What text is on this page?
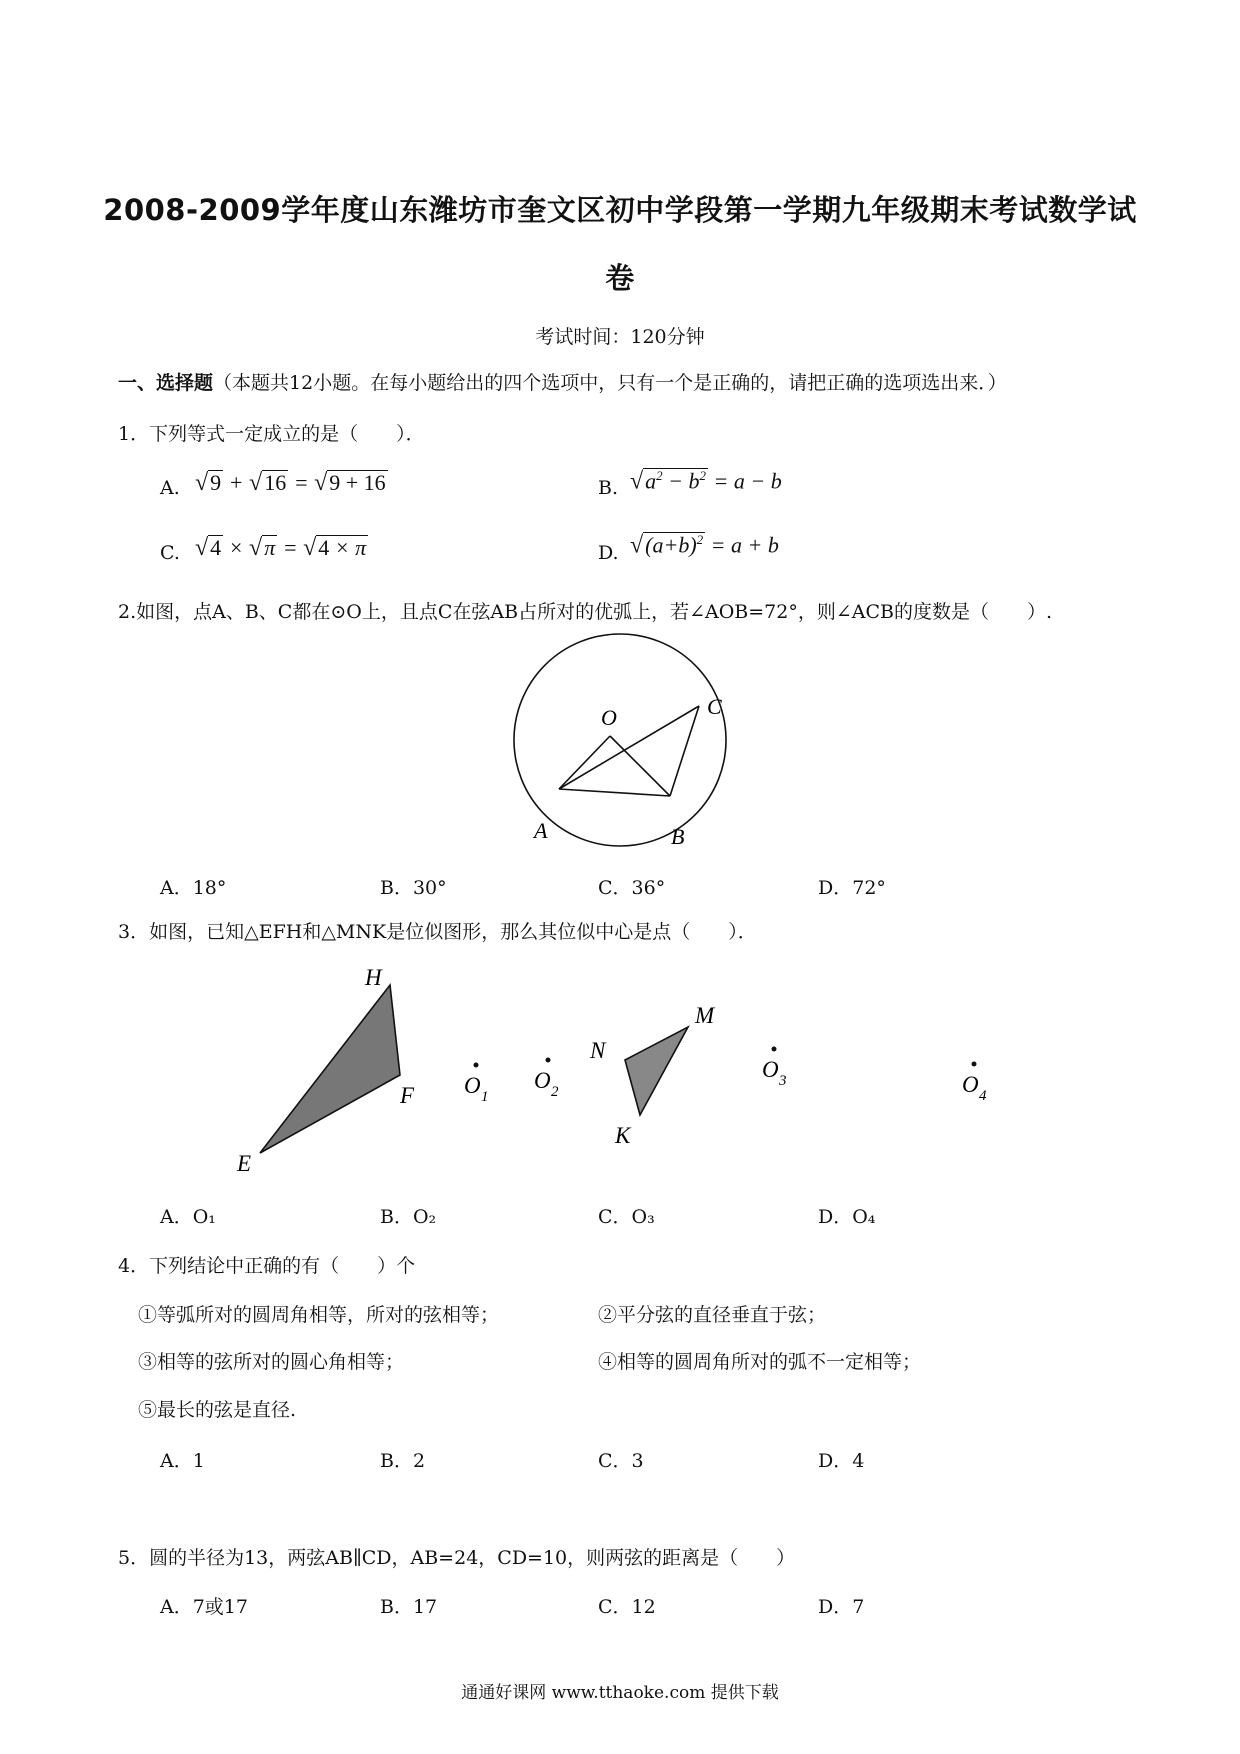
2008-2009学年度山东潍坊市奎文区初中学段第一学期九年级期末考试数学试
卷
考试时间：120分钟
一、选择题（本题共12小题。在每小题给出的四个选项中，只有一个是正确的，请把正确的选项选出来．）
1．下列等式一定成立的是（　　）．
A. √9 + √16 = √9 + 16	B. $√a^2 - b^2 = a - b$
C. √4 × √π = √4 × π	D. $√(a+b)^2 = a + b$
2.如图，点A、B、C都在⊙O上，且点C在弦AB占所对的优弧上，若∠AOB=72°，则∠ACB的度数是（　　）.
O	C
A	B
A．18°	B．30°	C．36°	D．72°
3．如图，已知△EFH和△MNK是位似图形，那么其位似中心是点（　　）．
H
F
E
N
M
K
O 1
O 2
O 3	O 4
A．O₁	B．O₂	C．O₃	D．O₄
4．下列结论中正确的有（　　）个
①等弧所对的圆周角相等，所对的弦相等；	②平分弦的直径垂直于弦；
③相等的弦所对的圆心角相等；	④相等的圆周角所对的弧不一定相等；
⑤最长的弦是直径.
A．1	B．2	C．3	D．4
5．圆的半径为13，两弦AB∥CD，AB=24，CD=10，则两弦的距离是（　　）
A．7或17	B．17	C．12	D．7
通通好课网 www.tthaoke.com 提供下载
